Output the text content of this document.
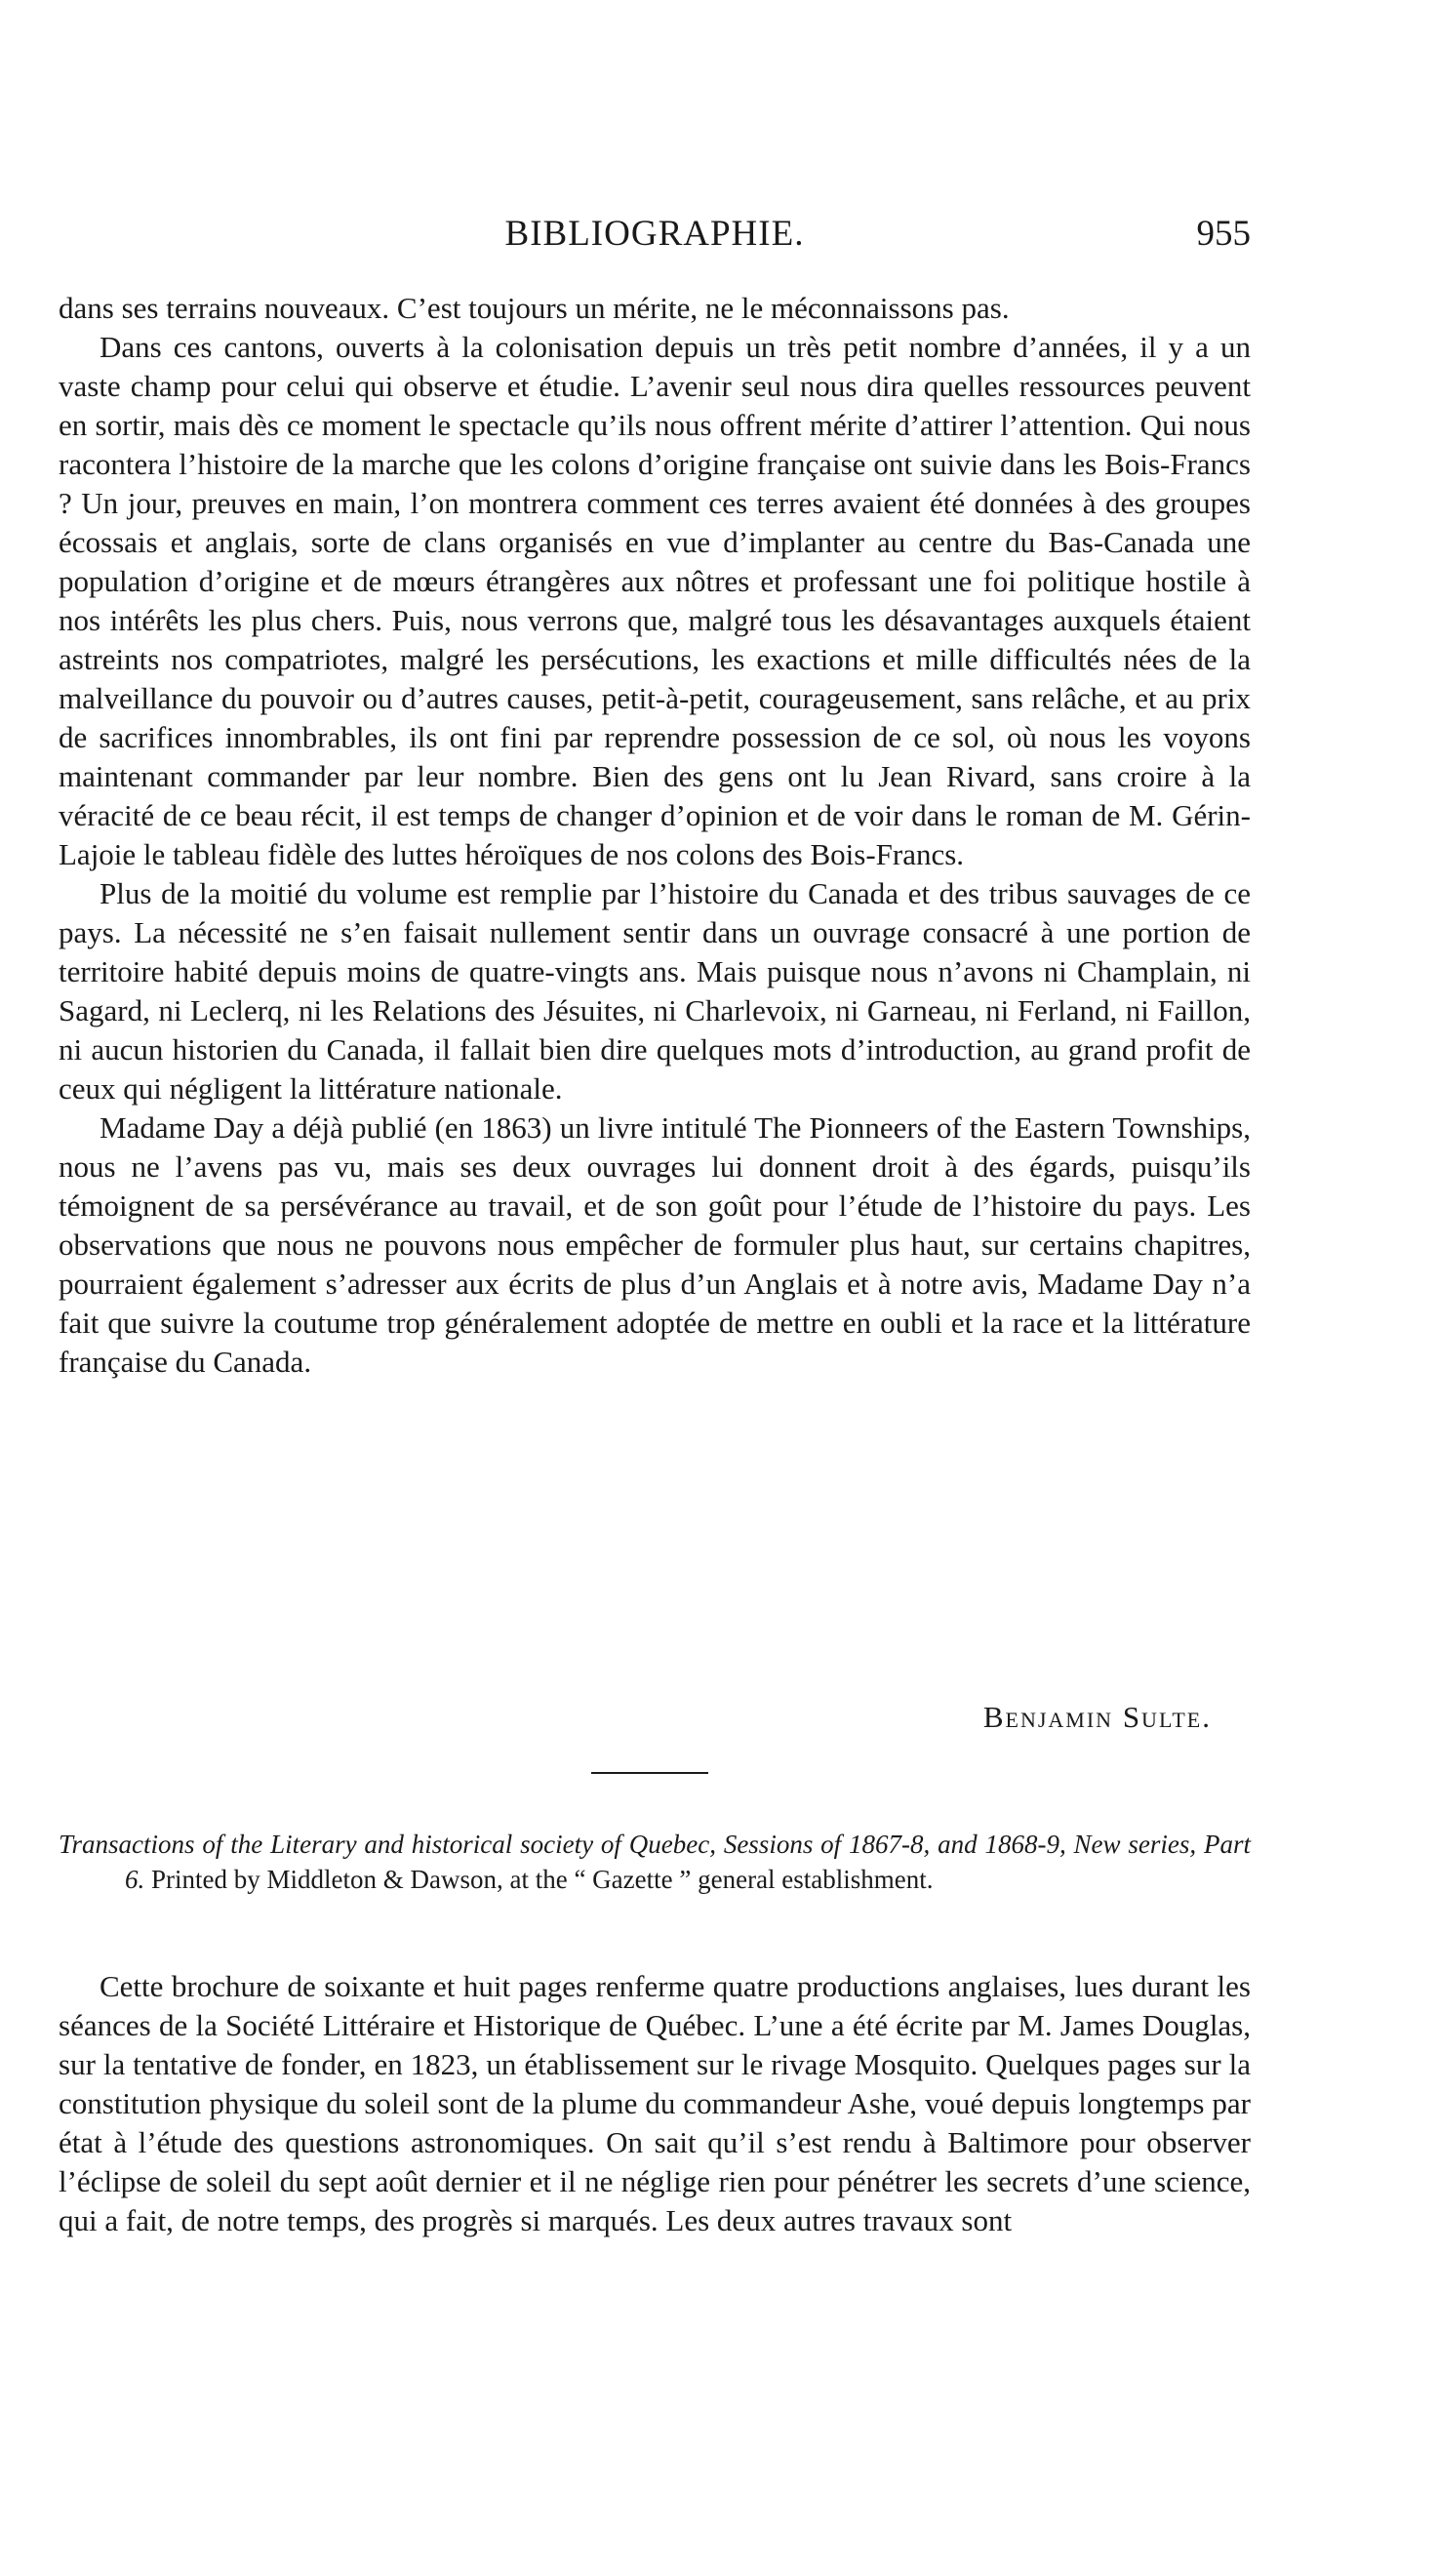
BIBLIOGRAPHIE.	955

dans ses terrains nouveaux. C’est toujours un mérite, ne le méconnaissons pas.

Dans ces cantons, ouverts à la colonisation depuis un très petit nombre d’années, il y a un vaste champ pour celui qui observe et étudie. L’avenir seul nous dira quelles ressources peuvent en sortir, mais dès ce moment le spectacle qu’ils nous offrent mérite d’attirer l’attention. Qui nous racontera l’histoire de la marche que les colons d’origine française ont suivie dans les Bois-Francs ? Un jour, preuves en main, l’on montrera comment ces terres avaient été données à des groupes écossais et anglais, sorte de clans organisés en vue d’implanter au centre du Bas-Canada une population d’origine et de mœurs étrangères aux nôtres et professant une foi politique hostile à nos intérêts les plus chers. Puis, nous verrons que, malgré tous les désavantages auxquels étaient astreints nos compatriotes, malgré les persécutions, les exactions et mille difficultés nées de la malveillance du pouvoir ou d’autres causes, petit-à-petit, courageusement, sans relâche, et au prix de sacrifices innombrables, ils ont fini par reprendre possession de ce sol, où nous les voyons maintenant commander par leur nombre. Bien des gens ont lu Jean Rivard, sans croire à la véracité de ce beau récit, il est temps de changer d’opinion et de voir dans le roman de M. Gérin-Lajoie le tableau fidèle des luttes héroïques de nos colons des Bois-Francs.

Plus de la moitié du volume est remplie par l’histoire du Canada et des tribus sauvages de ce pays. La nécessité ne s’en faisait nullement sentir dans un ouvrage consacré à une portion de territoire habité depuis moins de quatre-vingts ans. Mais puisque nous n’avons ni Champlain, ni Sagard, ni Leclerq, ni les Relations des Jésuites, ni Charlevoix, ni Garneau, ni Ferland, ni Faillon, ni aucun historien du Canada, il fallait bien dire quelques mots d’introduction, au grand profit de ceux qui négligent la littérature nationale.

Madame Day a déjà publié (en 1863) un livre intitulé The Pionneers of the Eastern Townships, nous ne l’avens pas vu, mais ses deux ouvrages lui donnent droit à des égards, puisqu’ils témoignent de sa persévérance au travail, et de son goût pour l’étude de l’histoire du pays. Les observations que nous ne pouvons nous empêcher de formuler plus haut, sur certains chapitres, pourraient également s’adresser aux écrits de plus d’un Anglais et à notre avis, Madame Day n’a fait que suivre la coutume trop généralement adoptée de mettre en oubli et la race et la littérature française du Canada.

Benjamin Sulte.

Transactions of the Literary and historical society of Quebec, Sessions of 1867-8, and 1868-9, New series, Part 6. Printed by Middleton & Dawson, at the “ Gazette ” general establishment.

Cette brochure de soixante et huit pages renferme quatre productions anglaises, lues durant les séances de la Société Littéraire et Historique de Québec. L’une a été écrite par M. James Douglas, sur la tentative de fonder, en 1823, un établissement sur le rivage Mosquito. Quelques pages sur la constitution physique du soleil sont de la plume du commandeur Ashe, voué depuis longtemps par état à l’étude des questions astronomiques. On sait qu’il s’est rendu à Baltimore pour observer l’éclipse de soleil du sept août dernier et il ne néglige rien pour pénétrer les secrets d’une science, qui a fait, de notre temps, des progrès si marqués. Les deux autres travaux sont
